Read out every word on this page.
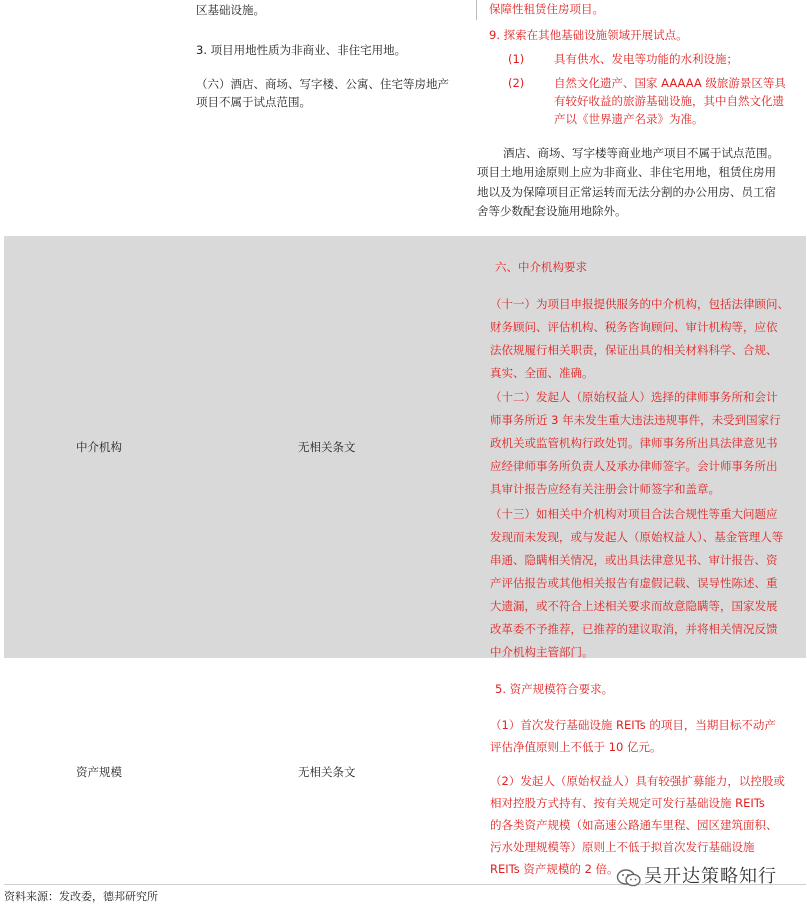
区基础设施。
3. 项目用地性质为非商业、非住宅用地。
（六）酒店、商场、写字楼、公寓、住宅等房地产
项目不属于试点范围。
保障性租赁住房项目。
9. 探索在其他基础设施领域开展试点。
(1)	具有供水、发电等功能的水利设施；
(2)	自然文化遗产、国家 AAAAA 级旅游景区等具
有较好收益的旅游基础设施，其中自然文化遗
产以《世界遗产名录》为准。
酒店、商场、写字楼等商业地产项目不属于试点范围。
项目土地用途原则上应为非商业、非住宅用地，租赁住房用
地以及为保障项目正常运转而无法分割的办公用房、员工宿
舍等少数配套设施用地除外。
中介机构	无相关条文
六、中介机构要求
（十一）为项目申报提供服务的中介机构，包括法律顾问、
财务顾问、评估机构、税务咨询顾问、审计机构等，应依
法依规履行相关职责，保证出具的相关材料科学、合规、
真实、全面、准确。
（十二）发起人（原始权益人）选择的律师事务所和会计
师事务所近 3 年未发生重大违法违规事件，未受到国家行
政机关或监管机构行政处罚。律师事务所出具法律意见书
应经律师事务所负责人及承办律师签字。会计师事务所出
具审计报告应经有关注册会计师签字和盖章。
（十三）如相关中介机构对项目合法合规性等重大问题应
发现而未发现，或与发起人（原始权益人）、基金管理人等
串通、隐瞒相关情况，或出具法律意见书、审计报告、资
产评估报告或其他相关报告有虚假记载、误导性陈述、重
大遗漏，或不符合上述相关要求而故意隐瞒等，国家发展
改革委不予推荐，已推荐的建议取消，并将相关情况反馈
中介机构主管部门。
资产规模	无相关条文
5. 资产规模符合要求。
（1）首次发行基础设施 REITs 的项目，当期目标不动产
评估净值原则上不低于 10 亿元。
（2）发起人（原始权益人）具有较强扩募能力，以控股或
相对控股方式持有、按有关规定可发行基础设施 REITs
的各类资产规模（如高速公路通车里程、园区建筑面积、
污水处理规模等）原则上不低于拟首次发行基础设施
REITs 资产规模的 2 倍。
资料来源：发改委，德邦研究所
吴开达策略知行
